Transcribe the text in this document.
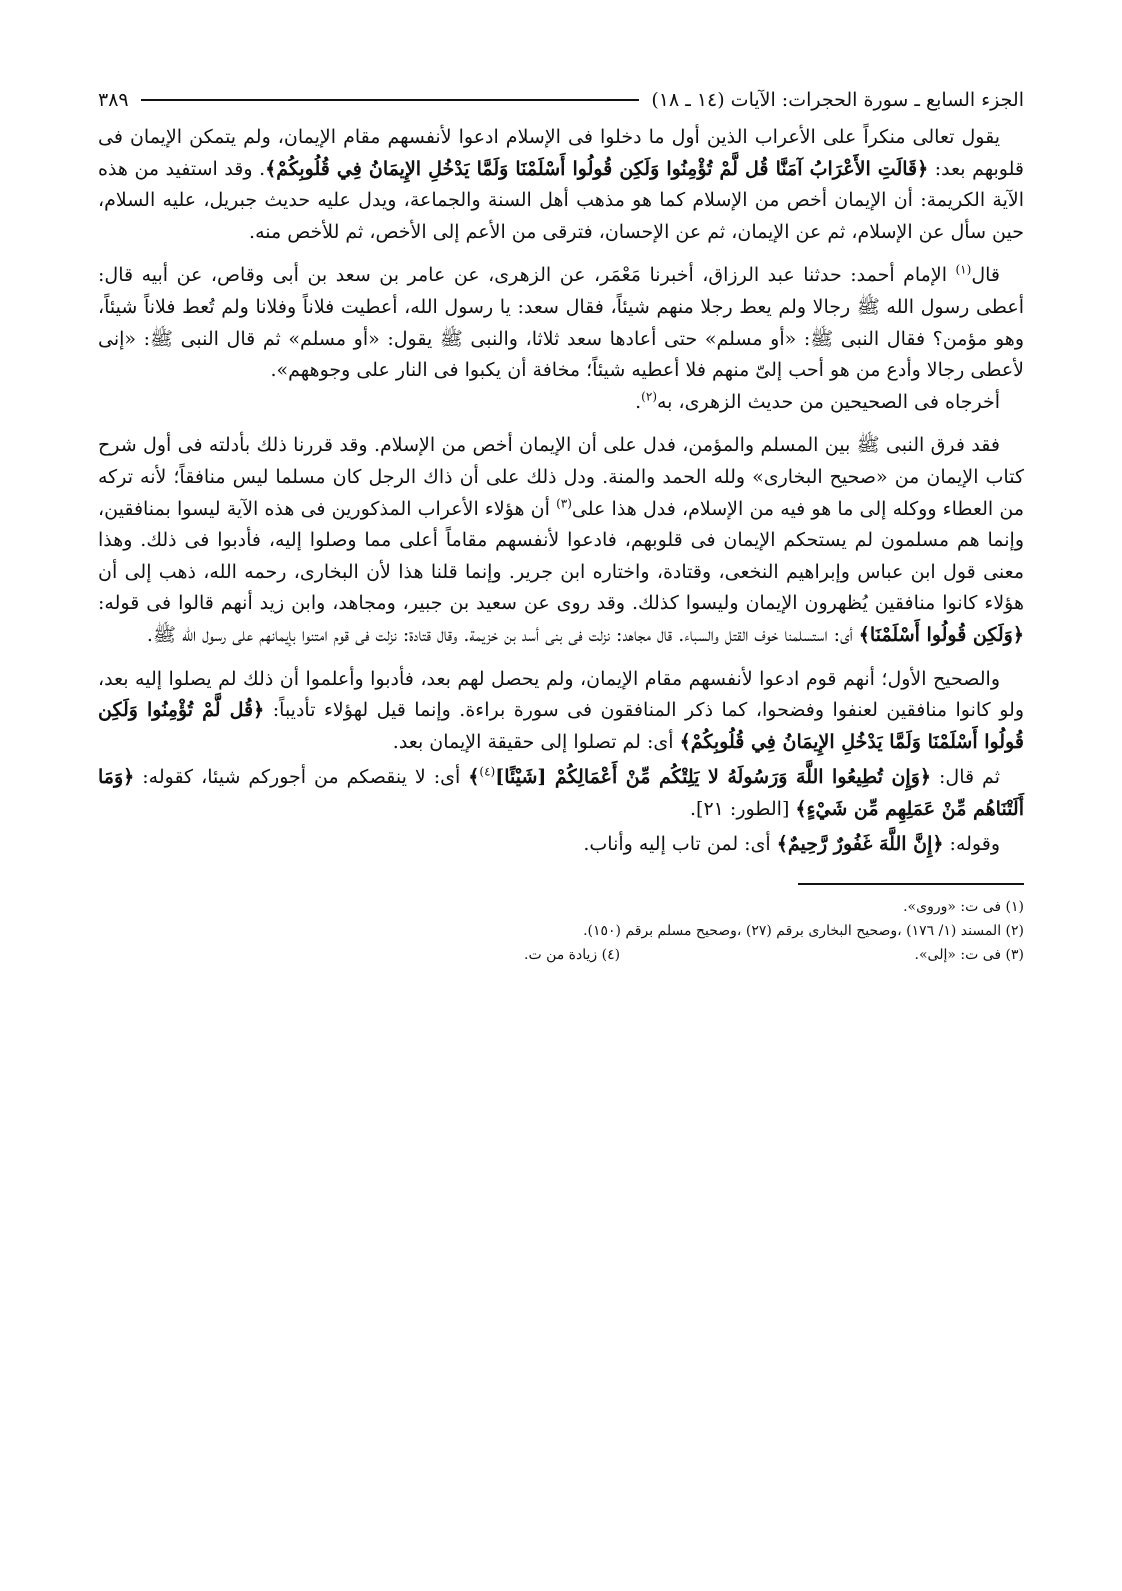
الجزء السابع ـ سورة الحجرات: الآيات (١٤ ـ ١٨)
٣٨٩

يقول تعالى منكراً على الأعراب الذين أول ما دخلوا فى الإسلام ادعوا لأنفسهم مقام الإيمان، ولم يتمكن الإيمان فى قلوبهم بعد: ﴿قَالَتِ الأَعْرَابُ آمَنَّا قُل لَّمْ تُؤْمِنُوا وَلَكِن قُولُوا أَسْلَمْنَا وَلَمَّا يَدْخُلِ الإِيمَانُ فِي قُلُوبِكُمْ﴾. وقد استفيد من هذه الآية الكريمة: أن الإيمان أخص من الإسلام كما هو مذهب أهل السنة والجماعة، ويدل عليه حديث جبريل، عليه السلام، حين سأل عن الإسلام، ثم عن الإيمان، ثم عن الإحسان، فترقى من الأعم إلى الأخص، ثم للأخص منه.

قال$^{(١)}$ الإمام أحمد: حدثنا عبد الرزاق، أخبرنا مَعْمَر، عن الزهرى، عن عامر بن سعد بن أبى وقاص، عن أبيه قال: أعطى رسول الله ﷺ رجالا ولم يعط رجلا منهم شيئاً، فقال سعد: يا رسول الله، أعطيت فلاناً وفلانا ولم تُعط فلاناً شيئاً، وهو مؤمن؟ فقال النبى ﷺ: «أو مسلم» حتى أعادها سعد ثلاثا، والنبى ﷺ يقول: «أو مسلم» ثم قال النبى ﷺ: «إنى لأعطى رجالا وأدع من هو أحب إلىّ منهم فلا أعطيه شيئاً؛ مخافة أن يكبوا فى النار على وجوههم».

أخرجاه فى الصحيحين من حديث الزهرى، به$^{(٢)}$.

فقد فرق النبى ﷺ بين المسلم والمؤمن، فدل على أن الإيمان أخص من الإسلام. وقد قررنا ذلك بأدلته فى أول شرح كتاب الإيمان من «صحيح البخارى» ولله الحمد والمنة. ودل ذلك على أن ذاك الرجل كان مسلما ليس منافقاً؛ لأنه تركه من العطاء ووكله إلى ما هو فيه من الإسلام، فدل هذا على$^{(٣)}$ أن هؤلاء الأعراب المذكورين فى هذه الآية ليسوا بمنافقين، وإنما هم مسلمون لم يستحكم الإيمان فى قلوبهم، فادعوا لأنفسهم مقاماً أعلى مما وصلوا إليه، فأدبوا فى ذلك. وهذا معنى قول ابن عباس وإبراهيم النخعى، وقتادة، واختاره ابن جرير. وإنما قلنا هذا لأن البخارى، رحمه الله، ذهب إلى أن هؤلاء كانوا منافقين يُظهرون الإيمان وليسوا كذلك. وقد روى عن سعيد بن جبير، ومجاهد، وابن زيد أنهم قالوا فى قوله: ﴿وَلَكِن قُولُوا أَسْلَمْنَا﴾ أى: استسلمنا خوف القتل والسباء. قال مجاهد: نزلت فى بنى أسد بن خزيمة. وقال قتادة: نزلت فى قوم امتنوا بإيمانهم على رسول الله ﷺ.

والصحيح الأول؛ أنهم قوم ادعوا لأنفسهم مقام الإيمان، ولم يحصل لهم بعد، فأدبوا وأعلموا أن ذلك لم يصلوا إليه بعد، ولو كانوا منافقين لعنفوا وفضحوا، كما ذكر المنافقون فى سورة براءة. وإنما قيل لهؤلاء تأديباً: ﴿قُل لَّمْ تُؤْمِنُوا وَلَكِن قُولُوا أَسْلَمْنَا وَلَمَّا يَدْخُلِ الإِيمَانُ فِي قُلُوبِكُمْ﴾ أى: لم تصلوا إلى حقيقة الإيمان بعد.

ثم قال: ﴿وَإِن تُطِيعُوا اللَّهَ وَرَسُولَهُ لا يَلِتْكُم مِّنْ أَعْمَالِكُمْ [شَيْئًا]$^{(٤)}$﴾ أى: لا ينقصكم من أجوركم شيئا، كقوله: ﴿وَمَا أَلَتْنَاهُم مِّنْ عَمَلِهِم مِّن شَيْءٍ﴾ [الطور: ٢١].

وقوله: ﴿إِنَّ اللَّهَ غَفُورٌ رَّحِيمٌ﴾ أى: لمن تاب إليه وأناب.

(١) فى ت: «وروى».

(٢) المسند (١/ ١٧٦) ،وصحيح البخارى برقم (٢٧) ،وصحيح مسلم برقم (١٥٠).

(٣) فى ت: «إلى».

(٤) زيادة من ت.
